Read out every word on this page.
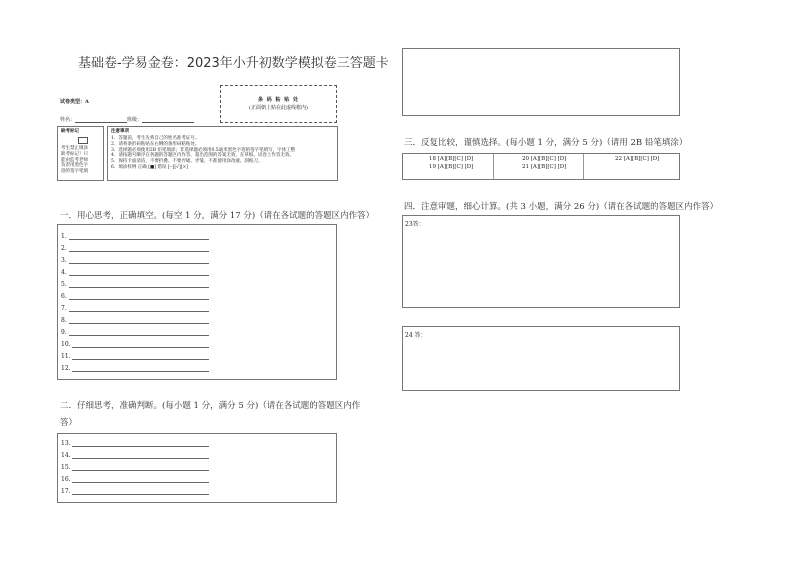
基础卷-学易金卷：2023年小升初数学模拟卷三答题卡
试卷类型：A
姓名：	班级：
条 码 粘 贴 处
(正面朝上贴在此虚线框内)
缺考标记
考生禁止填涂
缺考标记！只
能由监考老师
负责用黑色字
迹的签字笔填
注意事项
1．答题前，考生先将自己的姓名准考证号。
2．请将条形码粘贴在右侧的条形码粘贴处。
3．选择题必须使用2B 铅笔填涂；非选择题必须用0.5毫米黑色字迹的签字笔填写，字体工整
4．请按题号顺序在各题的答题区内作答，超出范围的答案无效，在草纸、试卷上作答无效。
5．保持卡面清洁，不要折叠、不要弄破、弄皱，不准使用涂改液、刮纸刀。
6．填涂样例 正确 [■] 错误 [--][√][×]
一．用心思考，正确填空。(每空 1 分，满分 17 分)（请在各试题的答题区内作答）
1.
2.
3.
4.
5.
6.
7.
8.
9.
10.
11.
12.
二．仔细思考，准确判断。(每小题 1 分，满分 5 分)（请在各试题的答题区内作
答）
13.
14.
15.
16.
17.
三．反复比较，谨慎选择。(每小题 1 分，满分 5 分)（请用 2B 铅笔填涂）
18 [A][B][C] [D]	20 [A][B][C] [D]	22 [A][B][C] [D]
19 [A][B][C] [D]	21 [A][B][C] [D]	
四．注意审题，细心计算。(共 3 小题，满分 26 分)（请在各试题的答题区内作答）
23答：
24 答：
